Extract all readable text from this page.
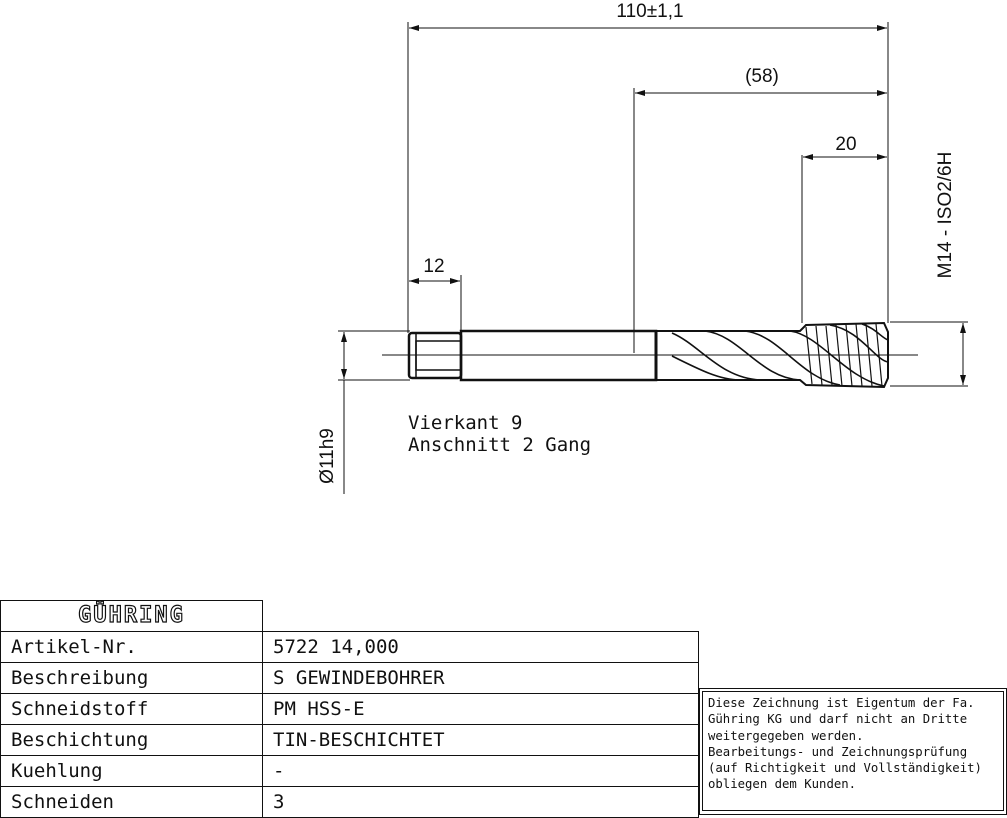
110±1,1
(58)
20
12	M14 - ISO2/6H
Ø11h9
Vierkant 9
Anschnitt 2 Gang
GÜHRING	
Artikel-Nr.	5722 14,000
Beschreibung	S GEWINDEBOHRER
Schneidstoff	PM HSS-E
Beschichtung	TIN-BESCHICHTET
Kuehlung	-
Schneiden	3
Diese Zeichnung ist Eigentum der Fa.
Gühring KG und darf nicht an Dritte
weitergegeben werden.
Bearbeitungs- und Zeichnungsprüfung
(auf Richtigkeit und Vollständigkeit)
obliegen dem Kunden.
